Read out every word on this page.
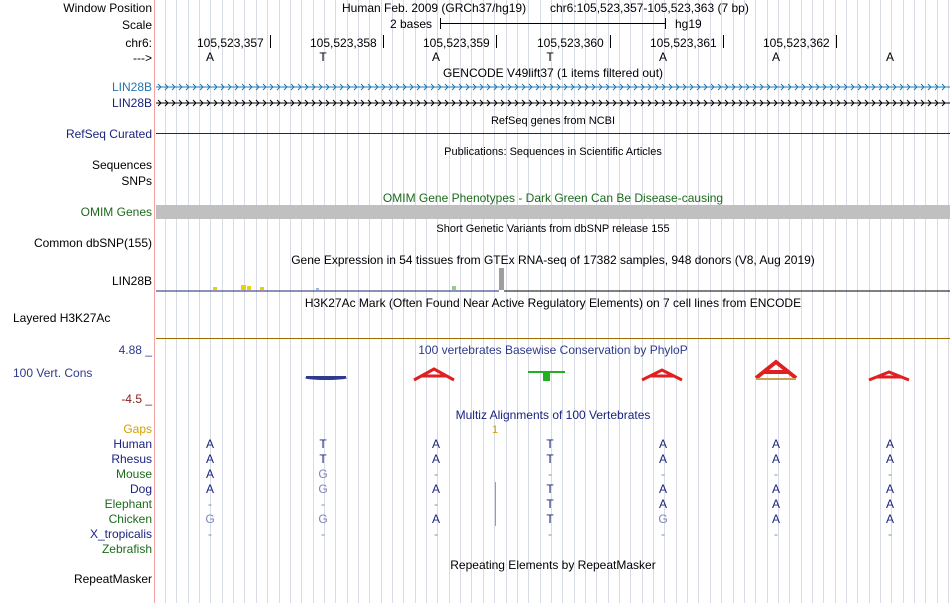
Window Position	Human Feb. 2009 (GRCh37/hg19) chr6:105,523,357-105,523,363 (7 bp)
Scale	2 bases	hg19
chr6:	105,523,357	105,523,358	105,523,359	105,523,360	105,523,361	105,523,362
--->	A	T	A	T	A	A	A
GENCODE V49lift37 (1 items filtered out)
LIN28B
LIN28B
RefSeq genes from NCBI
RefSeq Curated
Publications: Sequences in Scientific Articles
Sequences
SNPs
OMIM Gene Phenotypes - Dark Green Can Be Disease-causing
OMIM Genes
Short Genetic Variants from dbSNP release 155
Common dbSNP(155)
Gene Expression in 54 tissues from GTEx RNA-seq of 17382 samples, 948 donors (V8, Aug 2019)
LIN28B
H3K27Ac Mark (Often Found Near Active Regulatory Elements) on 7 cell lines from ENCODE
Layered H3K27Ac
100 vertebrates Basewise Conservation by PhyloP
4.88 _
100 Vert. Cons
-4.5 _
Multiz Alignments of 100 Vertebrates
Gaps	1
Human	A	T	A	T	A	A	A
Rhesus	A	T	A	T	A	A	A
Mouse	A	G	-	-	-	-	-
Dog	A	G	A	T	A	A	A
Elephant	-	-	-	T	A	A	A
Chicken	G	G	A	T	G	A	A
X_tropicalis	-	-	-	-	-	-	-
Zebrafish
Repeating Elements by RepeatMasker
RepeatMasker
